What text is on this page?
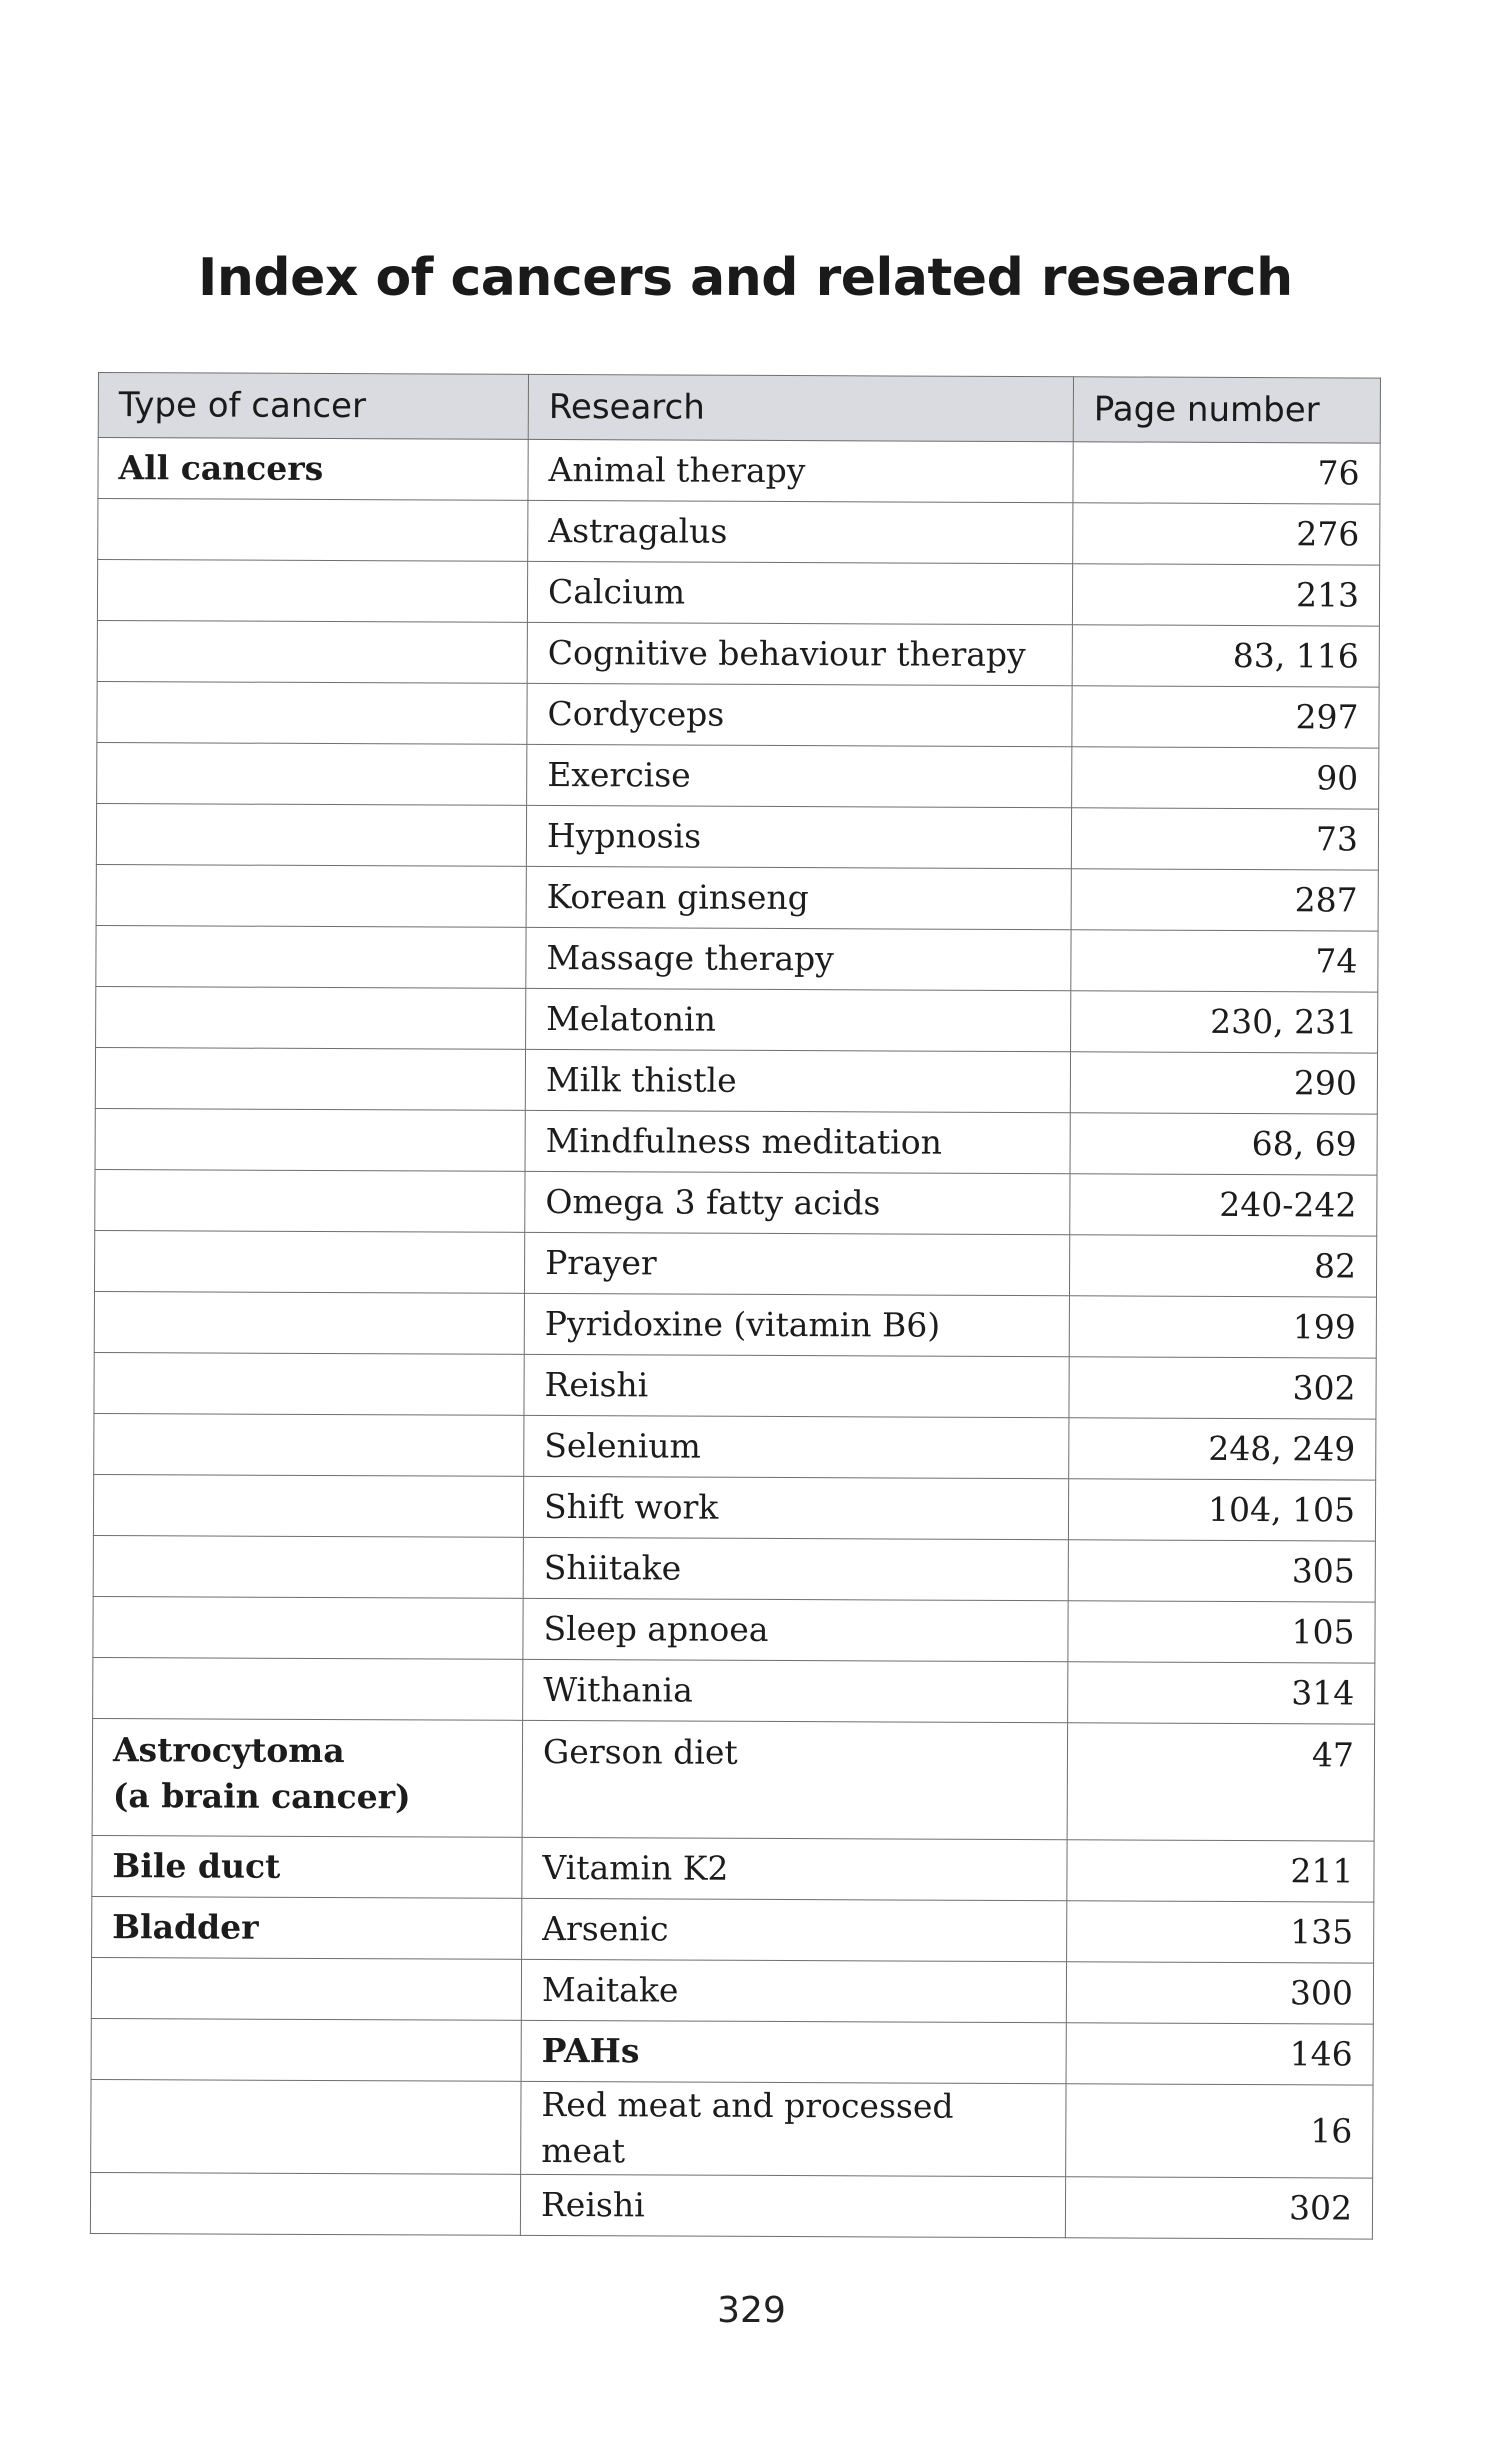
Index of cancers and related research
Type of cancer	Research	Page number
All cancers	Animal therapy	76
	Astragalus	276
	Calcium	213
	Cognitive behaviour therapy	83, 116
	Cordyceps	297
	Exercise	90
	Hypnosis	73
	Korean ginseng	287
	Massage therapy	74
	Melatonin	230, 231
	Milk thistle	290
	Mindfulness meditation	68, 69
	Omega 3 fatty acids	240-242
	Prayer	82
	Pyridoxine (vitamin B6)	199
	Reishi	302
	Selenium	248, 249
	Shift work	104, 105
	Shiitake	305
	Sleep apnoea	105
	Withania	314

Astrocytoma
(a brain cancer)	Gerson diet	47
Bile duct	Vitamin K2	211
Bladder	Arsenic	135
	Maitake	300
	PAHs	146
	Red meat and processed meat	16
	Reishi	302
329
